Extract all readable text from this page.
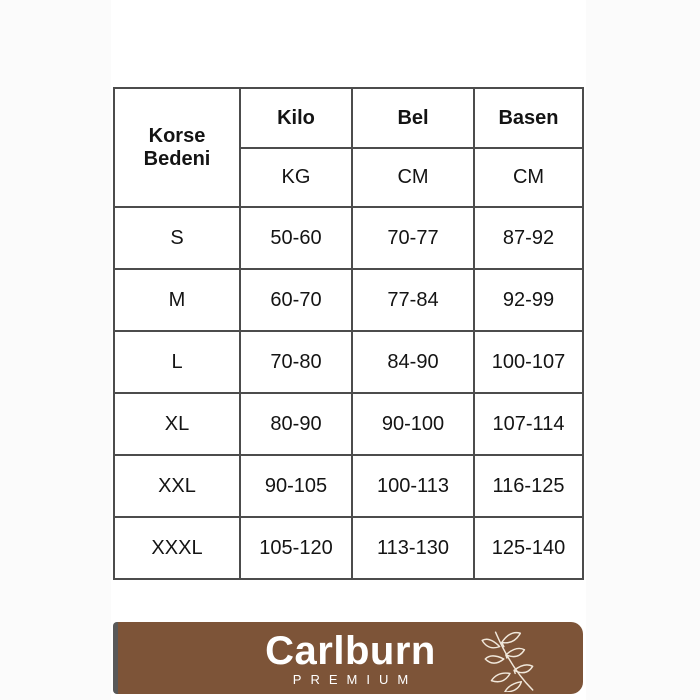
Korse Bedeni	Kilo	Bel	Basen
	KG	CM	CM
S	50-60	70-77	87-92
M	60-70	77-84	92-99
L	70-80	84-90	100-107
XL	80-90	90-100	107-114
XXL	90-105	100-113	116-125
XXXL	105-120	113-130	125-140
Carlburn
PREMIUM
